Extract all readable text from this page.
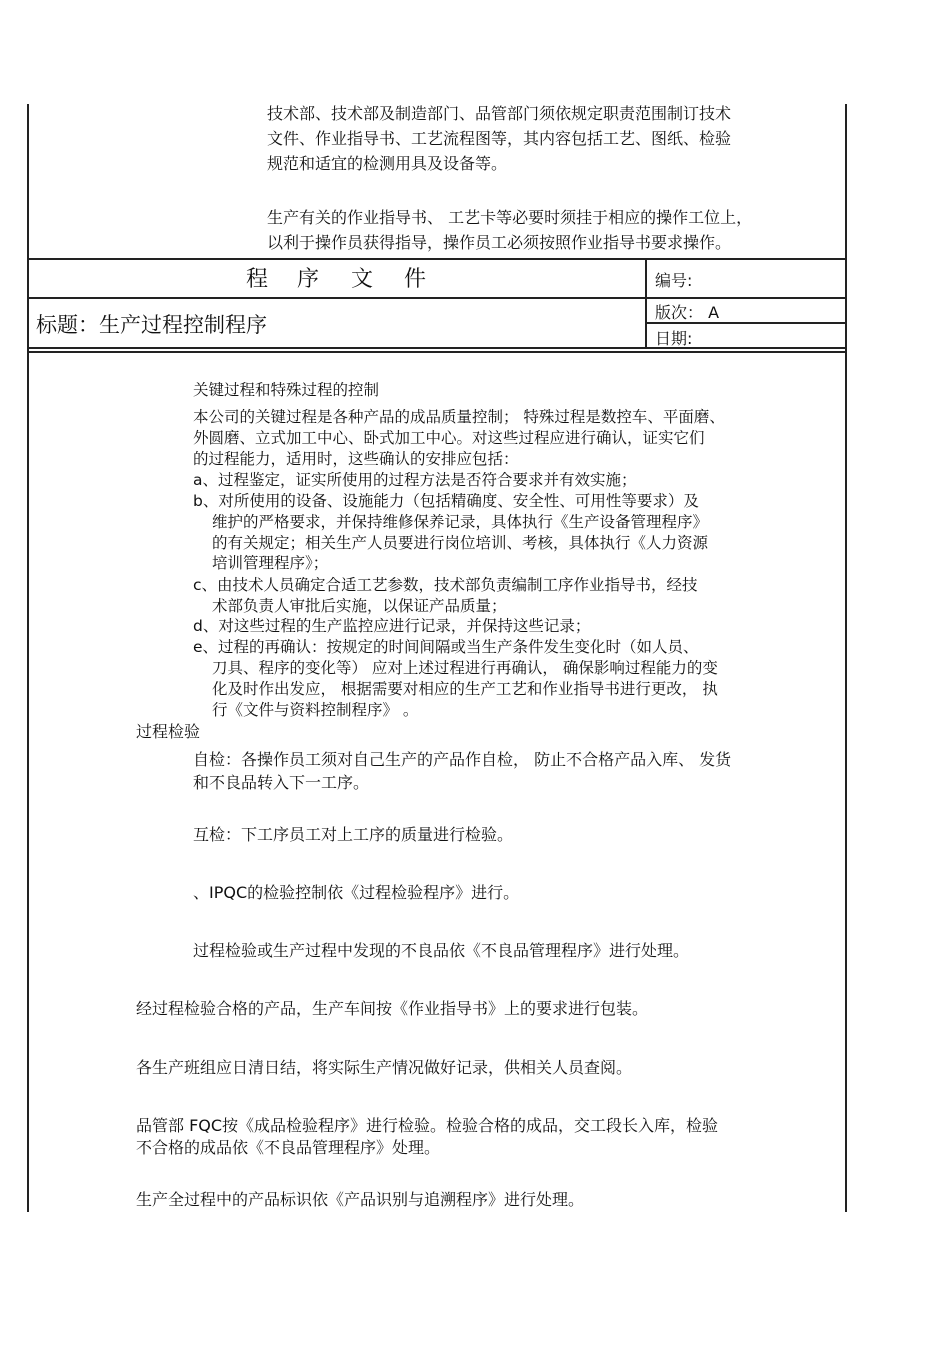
技术部、技术部及制造部门、品管部门须依规定职责范围制订技术

文件、作业指导书、工艺流程图等，其内容包括工艺、图纸、检验

规范和适宜的检测用具及设备等。

生产有关的作业指导书、 工艺卡等必要时须挂于相应的操作工位上，

以利于操作员获得指导，操作员工必须按照作业指导书要求操作。

程 序 文 件
标题：生产过程控制程序
编号:
版次： A
日期:

关键过程和特殊过程的控制

本公司的关键过程是各种产品的成品质量控制； 特殊过程是数控车、平面磨、

外圆磨、立式加工中心、卧式加工中心。对这些过程应进行确认，证实它们

的过程能力，适用时，这些确认的安排应包括：

a、过程鉴定，证实所使用的过程方法是否符合要求并有效实施；

b、对所使用的设备、设施能力（包括精确度、安全性、可用性等要求）及

维护的严格要求，并保持维修保养记录，具体执行《生产设备管理程序》

的有关规定；相关生产人员要进行岗位培训、考核，具体执行《人力资源

培训管理程序》；

c、由技术人员确定合适工艺参数，技术部负责编制工序作业指导书，经技

术部负责人审批后实施，以保证产品质量；

d、对这些过程的生产监控应进行记录，并保持这些记录；

e、过程的再确认：按规定的时间间隔或当生产条件发生变化时（如人员、

刀具、程序的变化等） 应对上述过程进行再确认， 确保影响过程能力的变

化及时作出发应， 根据需要对相应的生产工艺和作业指导书进行更改， 执

行《文件与资料控制程序》 。

过程检验

自检：各操作员工须对自己生产的产品作自检， 防止不合格产品入库、 发货

和不良品转入下一工序。

互检：下工序员工对上工序的质量进行检验。

、IPQC的检验控制依《过程检验程序》进行。

过程检验或生产过程中发现的不良品依《不良品管理程序》进行处理。

经过程检验合格的产品，生产车间按《作业指导书》上的要求进行包装。

各生产班组应日清日结，将实际生产情况做好记录，供相关人员查阅。

品管部 FQC按《成品检验程序》进行检验。检验合格的成品，交工段长入库，检验

不合格的成品依《不良品管理程序》处理。

生产全过程中的产品标识依《产品识别与追溯程序》进行处理。
